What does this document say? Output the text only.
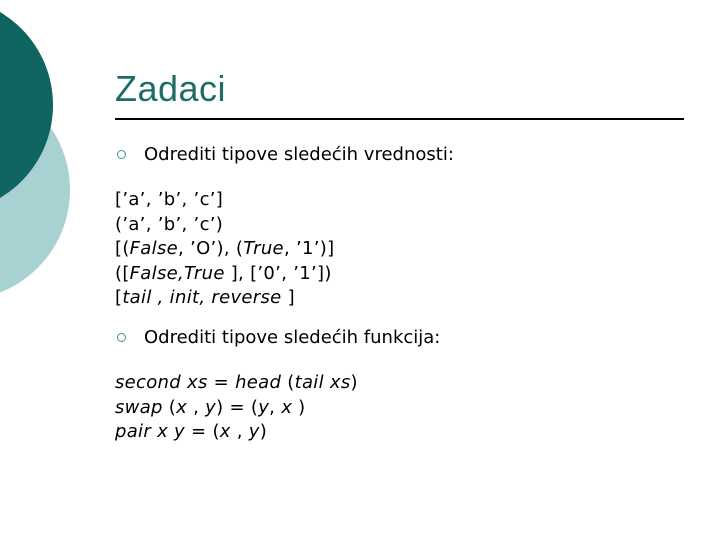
Zadaci
Odrediti tipove sledećih vrednosti:
[’a’, ’b’, ’c’]
(’a’, ’b’, ’c’)
[( False , ’O’), ( True , ’1’)]
([ False,True ], [’0’, ’1’])
[ tail , init, reverse ]
Odrediti tipove sledećih funkcija:
second xs = head ( tail xs )
swap ( x , y ) = ( y , x )
pair x y = ( x , y )
